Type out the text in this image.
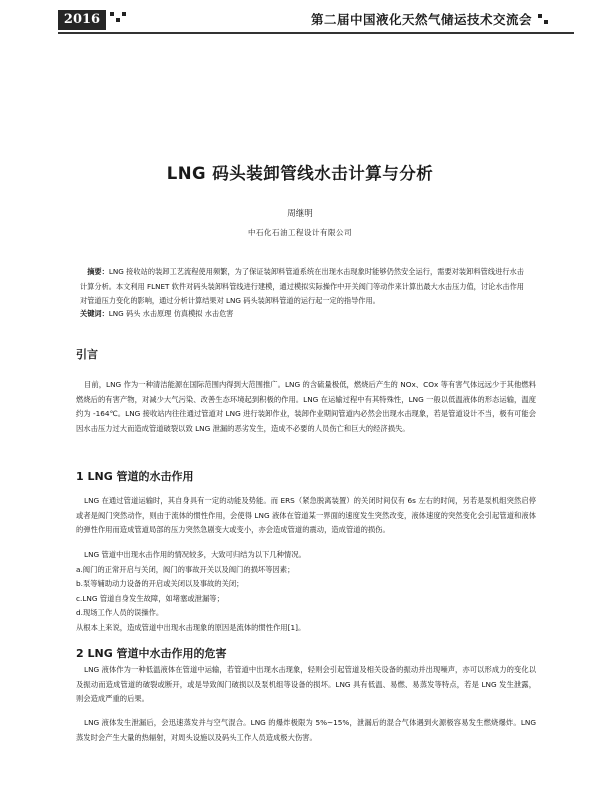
2016	第二届中国液化天然气储运技术交流会
LNG 码头装卸管线水击计算与分析
周继明
中石化石油工程设计有限公司
摘要：LNG 接收站的装卸工艺流程使用频繁，为了保证装卸料管道系统在出现水击现象时能够仍然安全运行，需要对装卸料管线进行水击计算分析。本文利用 FLNET 软件对码头装卸料管线进行建模，通过模拟实际操作中开关阀门等动作来计算出最大水击压力值，讨论水击作用对管道压力变化的影响，通过分析计算结果对 LNG 码头装卸料管道的运行起一定的指导作用。
关键词：LNG 码头 水击原理 仿真模拟 水击危害
引言
目前，LNG 作为一种清洁能源在国际范围内得到大范围推广。LNG 的含硫量极低，燃烧后产生的 NOx、COx 等有害气体远远少于其他燃料燃烧后的有害产物，对减少大气污染、改善生态环境起到积极的作用。LNG 在运输过程中有其特殊性，LNG 一般以低温液体的形态运输，温度约为 -164℃。LNG 接收站内往往通过管道对 LNG 进行装卸作业，装卸作业期间管道内必然会出现水击现象，若是管道设计不当，极有可能会因水击压力过大而造成管道破裂以致 LNG 泄漏的恶劣发生，造成不必要的人员伤亡和巨大的经济损失。
1 LNG 管道的水击作用
LNG 在通过管道运输时，其自身具有一定的动能及势能。而 ERS（紧急脱离装置）的关闭时间仅有 6s 左右的时间，另若是泵机组突然启停或者是阀门突然动作，则由于流体的惯性作用，会使得 LNG 液体在管道某一界面的速度发生突然改变，液体速度的突然变化会引起管道和液体的弹性作用而造成管道局部的压力突然急剧变大或变小，亦会造成管道的震动，造成管道的损伤。
LNG 管道中出现水击作用的情况较多，大致可归结为以下几种情况。
a.阀门的正常开启与关闭，阀门的事故开关以及阀门的损坏等因素；
b.泵等辅助动力设备的开启或关闭以及事故的关闭；
c.LNG 管道自身发生故障，如堵塞或泄漏等；
d.现场工作人员的误操作。
从根本上来说，造成管道中出现水击现象的原因是流体的惯性作用[1]。
2 LNG 管道中水击作用的危害
LNG 液体作为一种低温液体在管道中运输，若管道中出现水击现象，轻则会引起管道及相关设备的振动并出现噪声，亦可以形成力的变化以及振动而造成管道的破裂或断开，或是导致阀门破损以及泵机组等设备的损坏。LNG 具有低温、易燃、易蒸发等特点，若是 LNG 发生泄露，则会造成严重的后果。
LNG 液体发生泄漏后，会迅速蒸发并与空气混合。LNG 的爆炸极限为 5%~15%，泄漏后的混合气体遇到火源极容易发生燃烧爆炸。LNG 蒸发时会产生大量的热辐射，对周头设施以及码头工作人员造成极大伤害。
